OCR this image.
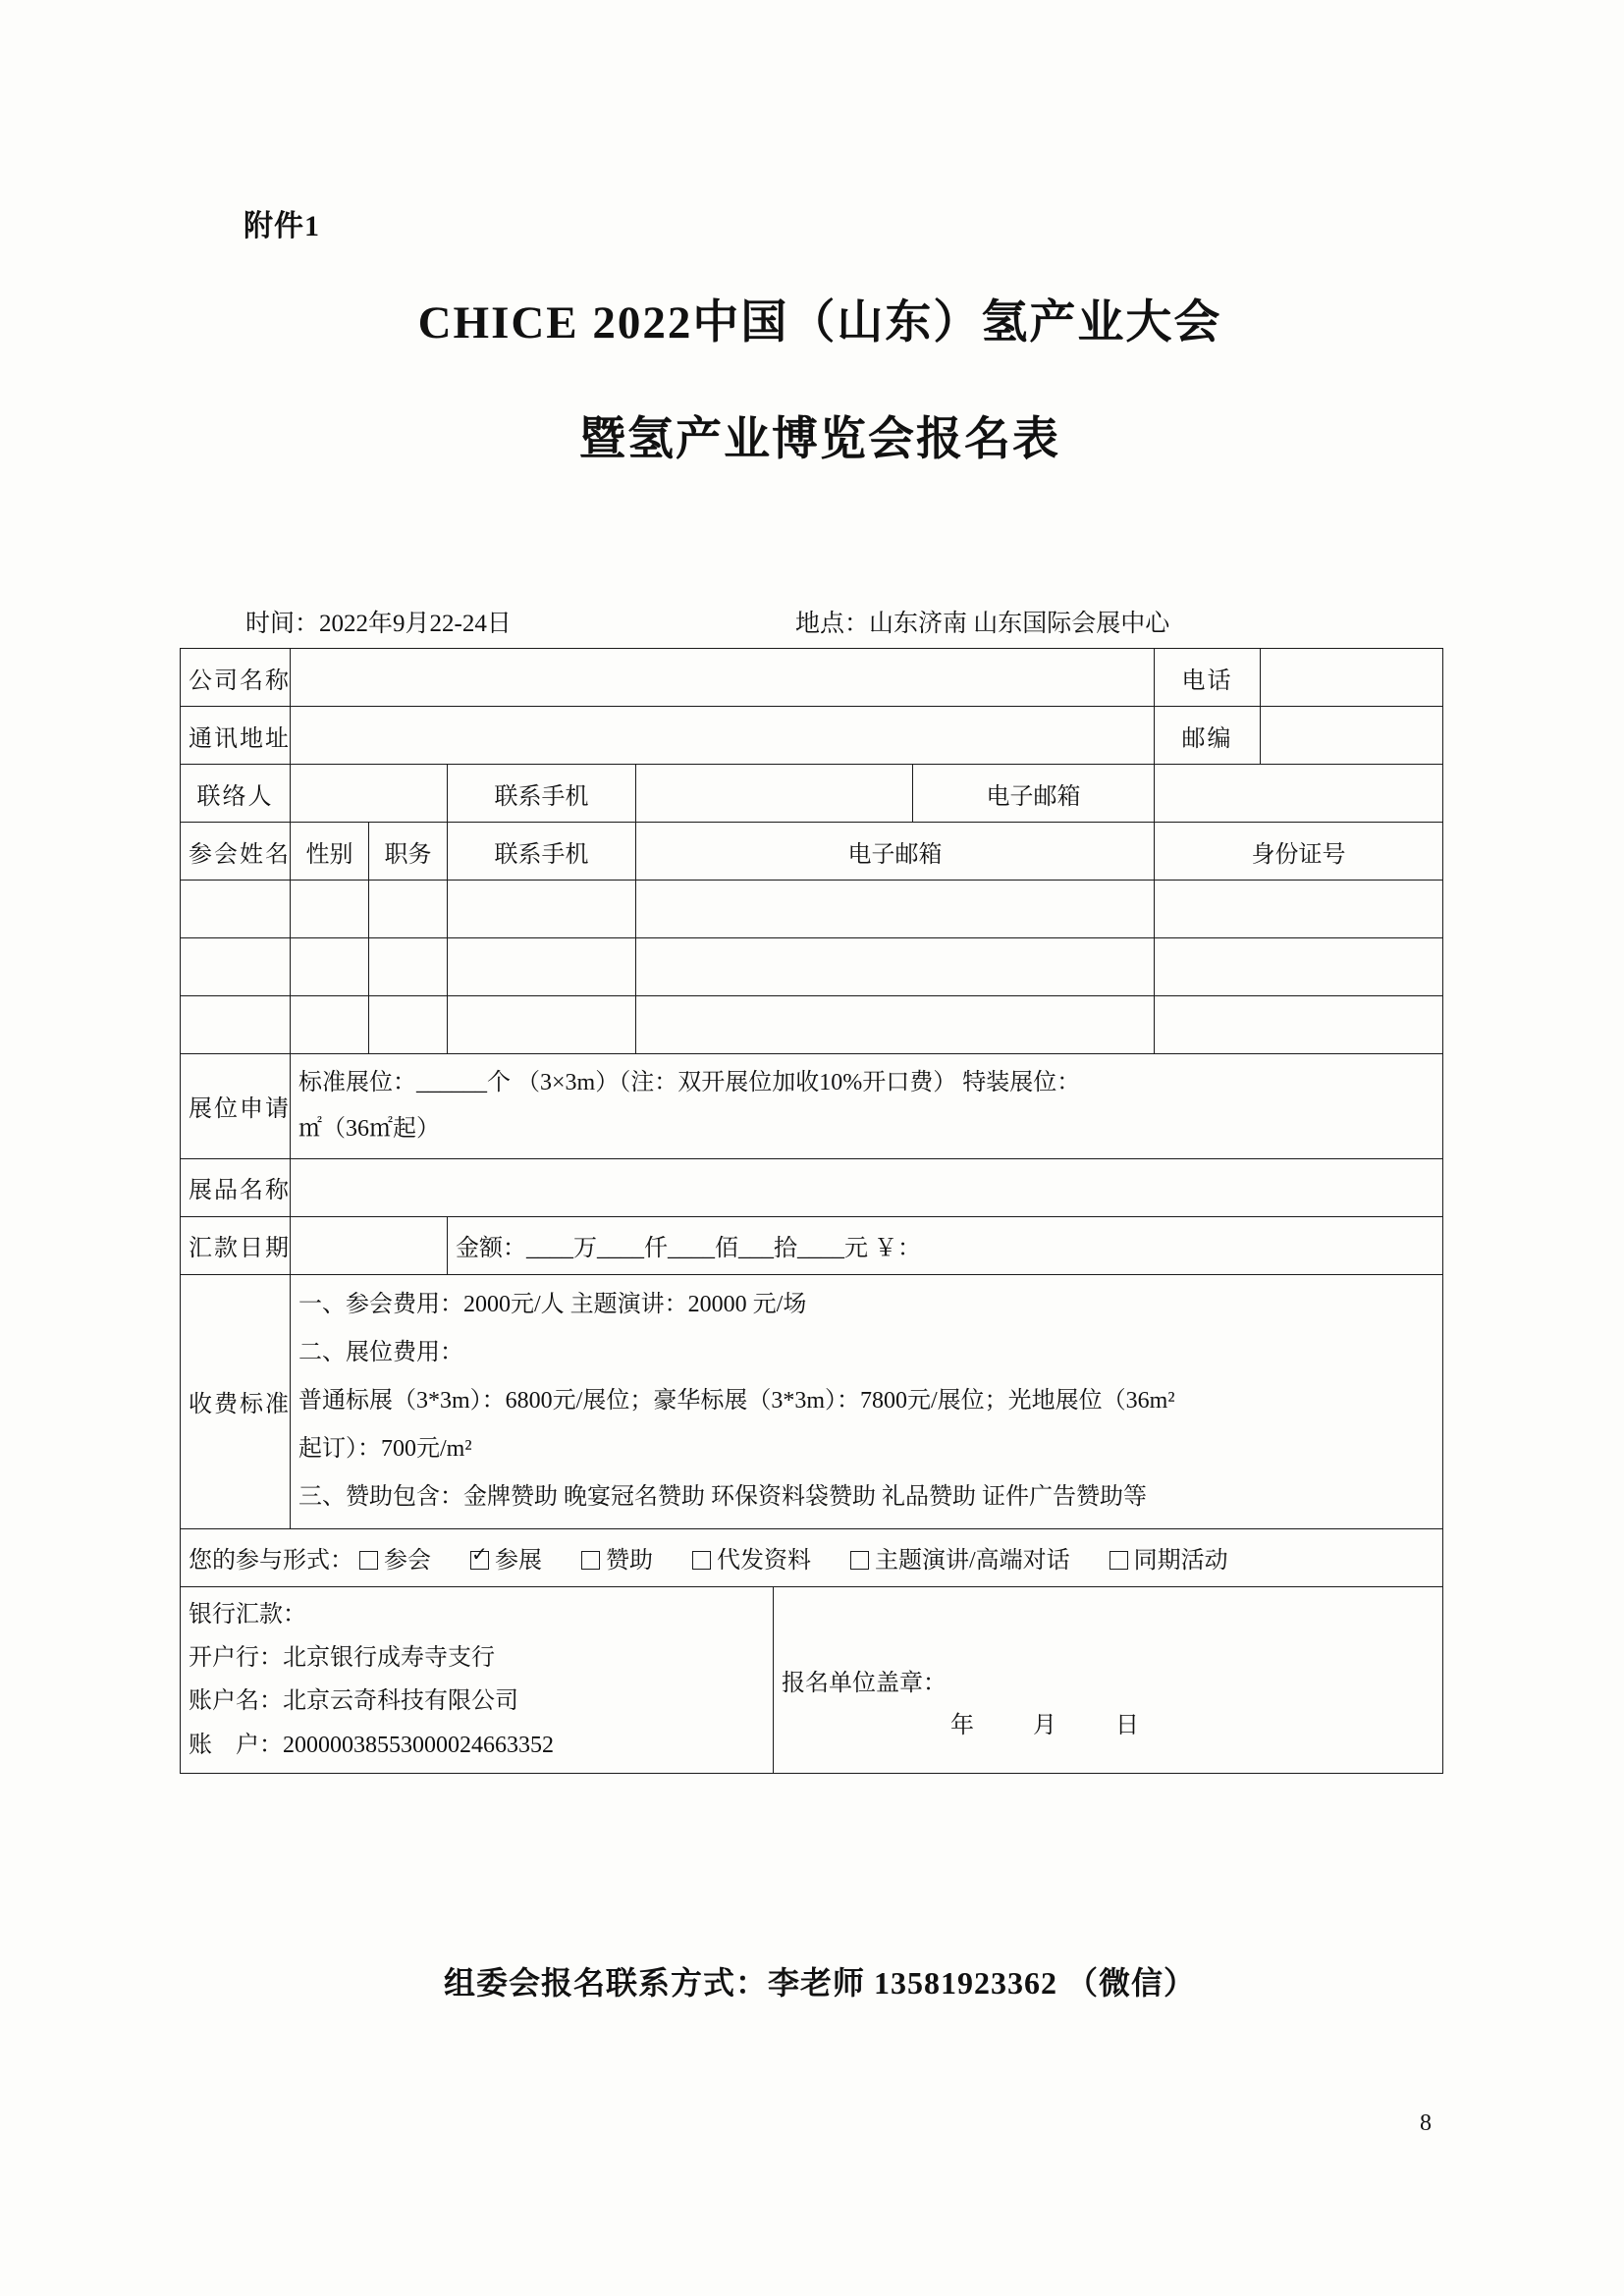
附件1
CHICE 2022中国（山东）氢产业大会
暨氢产业博览会报名表
时间：2022年9月22-24日	地点：山东济南 山东国际会展中心
公司名称							电话	
通讯地址							邮编	
联络人			联系手机			电子邮箱		
参会姓名	性别	职务	联系手机	电子邮箱			身份证号	

展位申请	标准展位：______个 （3×3m）（注：双开展位加收10%开口费） 特装展位：
㎡（36㎡起）							

展品名称								
汇款日期			金额：____万____仟____佰___拾____元 ￥：					
收费标准	一、参会费用：2000元/人 主题演讲：20000 元/场
二、展位费用：
普通标展（3*3m）：6800元/展位；豪华标展（3*3m）：7800元/展位；光地展位（36m²
起订）：700元/m²
三、赞助包含：金牌赞助 晚宴冠名赞助 环保资料袋赞助 礼品赞助 证件广告赞助等							

您的参与形式： 参会 ✓ 参展 赞助 代发资料 主题演讲/高端对话 同期活动

银行汇款：
开户行：北京银行成寿寺支行
账户名：北京云奇科技有限公司
账　户：20000038553000024663352

报名单位盖章：
年 月 日
组委会报名联系方式：李老师 13581923362 （微信）
8
